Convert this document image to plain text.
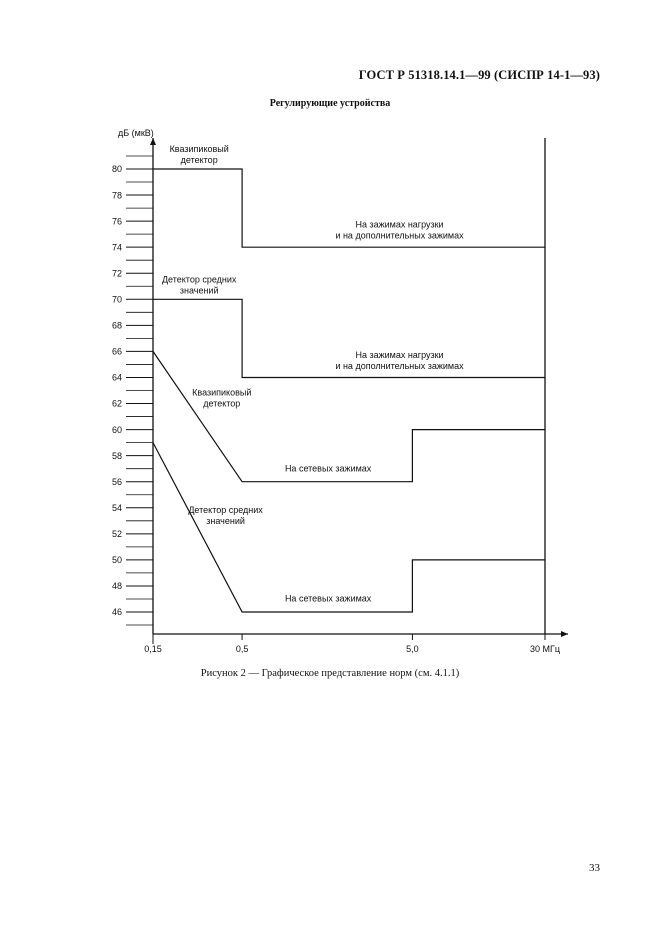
ГОСТ Р 51318.14.1—99 (СИСПР 14-1—93)
Регулирующие устройства
дБ (мкВ)
80
78
76
74
72
70
68
66
64
62
60
58
56
54
52
50
48
46
0,15	0,5	5,0	30 МГц
Квазипиковый
детектор
На зажимах нагрузки
и на дополнительных зажимах
Детектор средних
значений
На зажимах нагрузки
и на дополнительных зажимах
Квазипиковый
детектор
На сетевых зажимах
Детектор средних
значений
На сетевых зажимах
Рисунок 2 — Графическое представление норм (см. 4.1.1)
33
